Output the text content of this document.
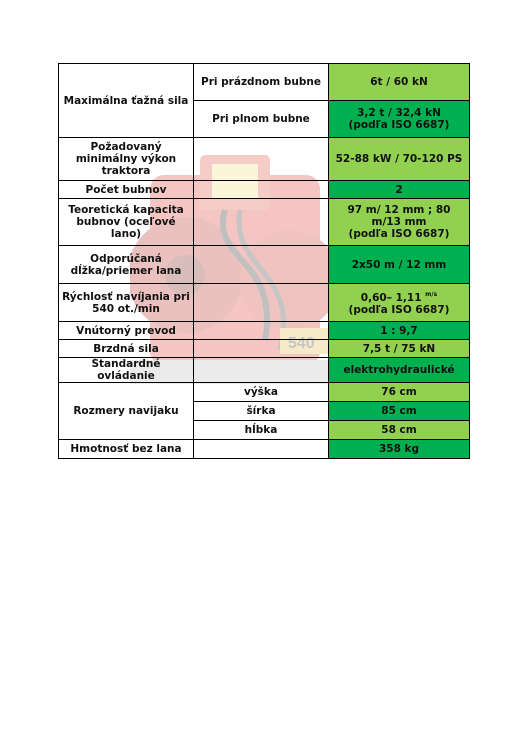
540
Maximálna ťažná sila	Pri prázdnom bubne	6t / 60 kN
	Pri plnom bubne	3,2 t / 32,4 kN
(podľa ISO 6687)

Požadovaný minimálny výkon traktora		52-88 kW / 70-120 PS
Počet bubnov		2
Teoretická kapacita bubnov (oceľové lano)		97 m/ 12 mm ; 80 m/13 mm
(podľa ISO 6687)

Odporúčaná dĺžka/priemer lana		2x50 m / 12 mm
Rýchlosť navíjania pri 540 ot./min		0,60– 1,11 $^{m/s}$
(podľa ISO 6687)

Vnútorný prevod		1 : 9,7
Brzdná sila		7,5 t / 75 kN
Štandardné ovládanie		elektrohydraulické
Rozmery navijaku	výška	76 cm
	šírka	85 cm
	hĺbka	58 cm
Hmotnosť bez lana		358 kg
